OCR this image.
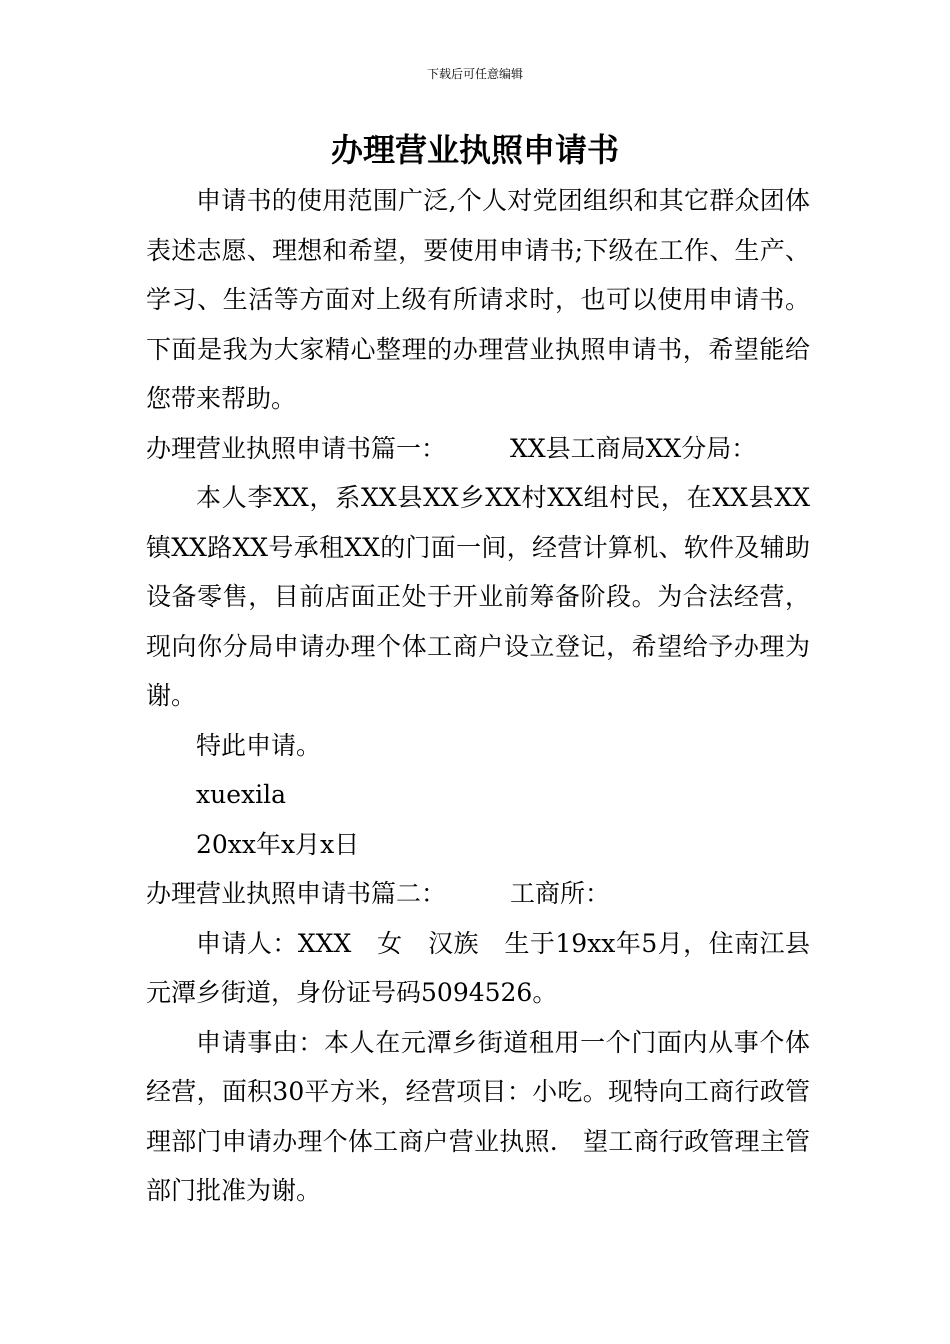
下载后可任意编辑
办理营业执照申请书

申请书的使用范围广泛,个人对党团组织和其它群众团体表述志愿、理想和希望，要使用申请书;下级在工作、生产、学习、生活等方面对上级有所请求时，也可以使用申请书。下面是我为大家精心整理的办理营业执照申请书，希望能给您带来帮助。

办理营业执照申请书篇一：	XX县工商局XX分局：

本人李XX，系XX县XX乡XX村XX组村民，在XX县XX镇XX路XX号承租XX的门面一间，经营计算机、软件及辅助设备零售，目前店面正处于开业前筹备阶段。为合法经营，现向你分局申请办理个体工商户设立登记，希望给予办理为谢。

特此申请。

xuexila

20xx年x月x日

办理营业执照申请书篇二：	工商所：

申请人：XXX　女　汉族　生于19xx年5月，住南江县　元潭乡街道，身份证号码5094526。

申请事由：本人在元潭乡街道租用一个门面内从事个体经营，面积30平方米，经营项目：小吃。现特向工商行政管理部门申请办理个体工商户营业执照.　望工商行政管理主管部门批准为谢。
